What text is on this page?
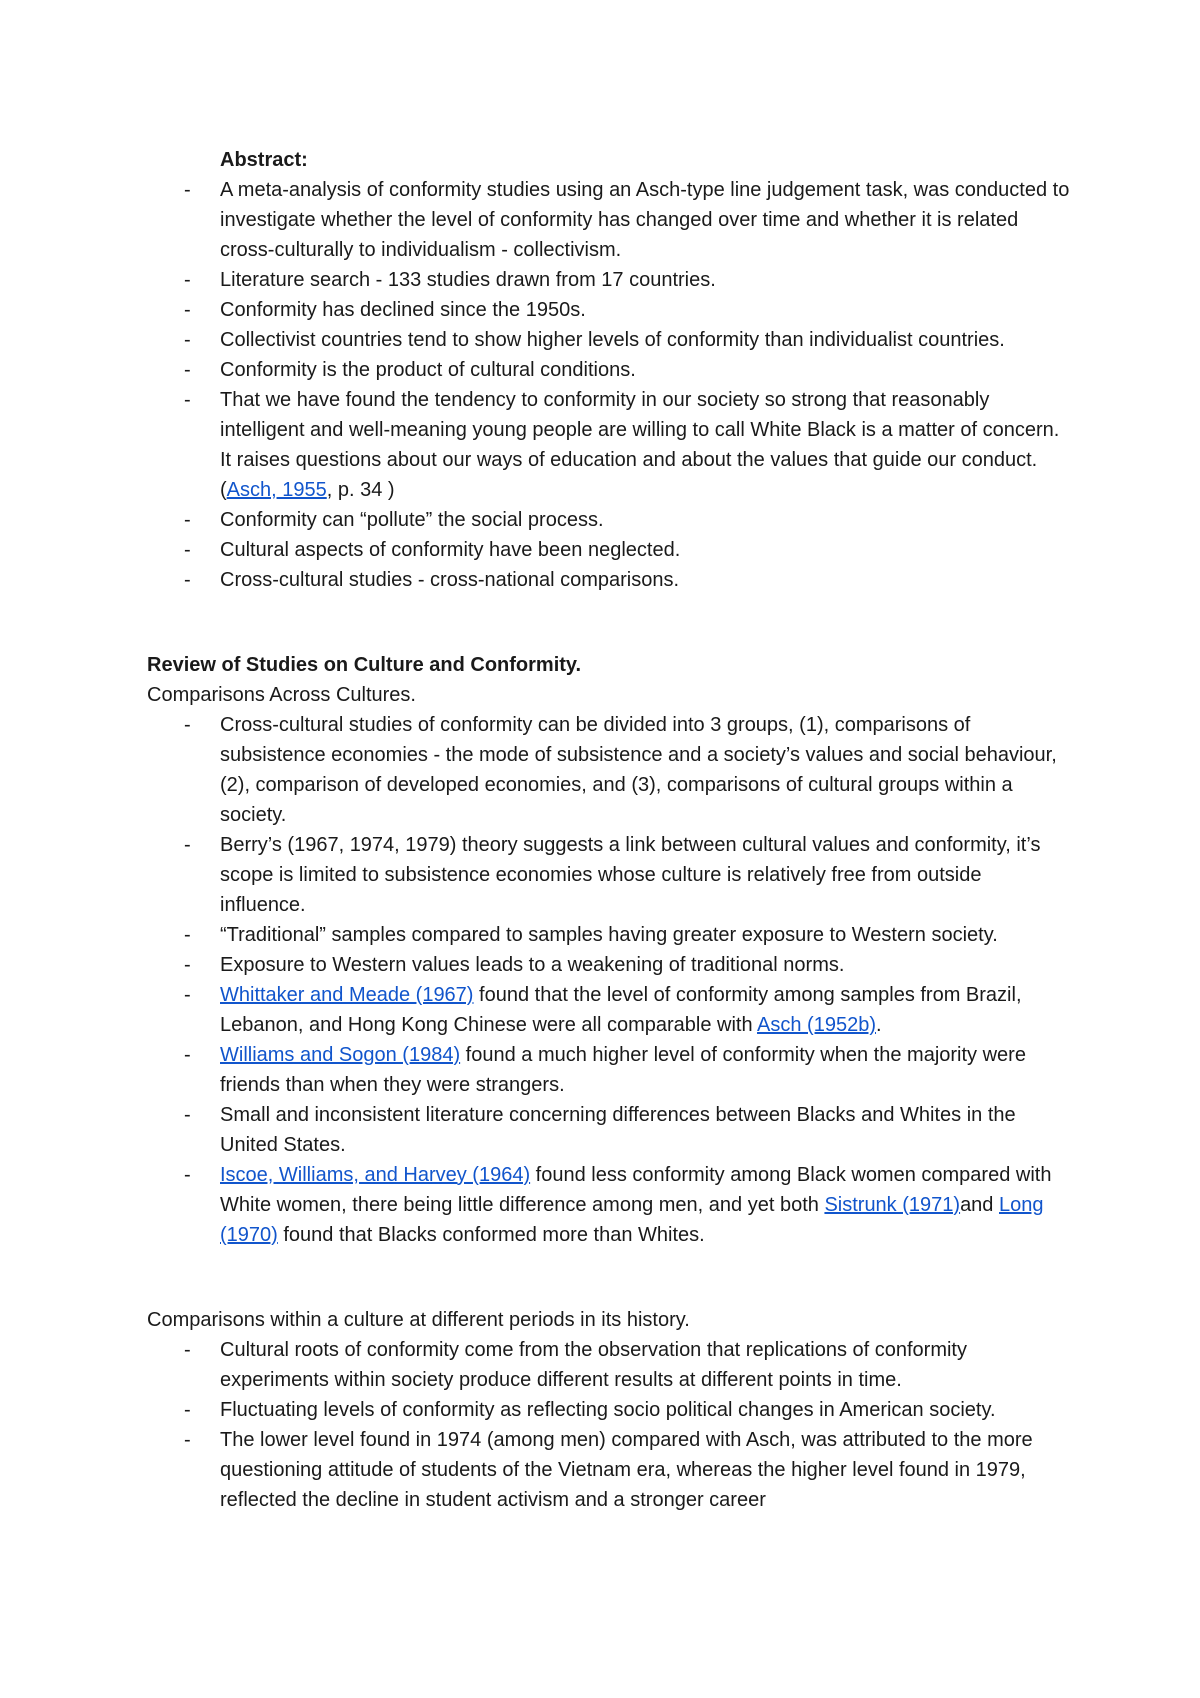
Abstract:
- A meta-analysis of conformity studies using an Asch-type line judgement task, was conducted to investigate whether the level of conformity has changed over time and whether it is related cross-culturally to individualism - collectivism.
- Literature search - 133 studies drawn from 17 countries.
- Conformity has declined since the 1950s.
- Collectivist countries tend to show higher levels of conformity than individualist countries.
- Conformity is the product of cultural conditions.
- That we have found the tendency to conformity in our society so strong that reasonably intelligent and well-meaning young people are willing to call White Black is a matter of concern. It raises questions about our ways of education and about the values that guide our conduct. (Asch, 1955, p. 34 )
- Conformity can “pollute” the social process.
- Cultural aspects of conformity have been neglected.
- Cross-cultural studies - cross-national comparisons.
Review of Studies on Culture and Conformity.

Comparisons Across Cultures.

- Cross-cultural studies of conformity can be divided into 3 groups, (1), comparisons of subsistence economies - the mode of subsistence and a society’s values and social behaviour, (2), comparison of developed economies, and (3), comparisons of cultural groups within a society.
- Berry’s (1967, 1974, 1979) theory suggests a link between cultural values and conformity, it’s scope is limited to subsistence economies whose culture is relatively free from outside influence.
- “Traditional” samples compared to samples having greater exposure to Western society.
- Exposure to Western values leads to a weakening of traditional norms.
- Whittaker and Meade (1967) found that the level of conformity among samples from Brazil, Lebanon, and Hong Kong Chinese were all comparable with Asch (1952b).
- Williams and Sogon (1984) found a much higher level of conformity when the majority were friends than when they were strangers.
- Small and inconsistent literature concerning differences between Blacks and Whites in the United States.
- Iscoe, Williams, and Harvey (1964) found less conformity among Black women compared with White women, there being little difference among men, and yet both Sistrunk (1971)and Long (1970) found that Blacks conformed more than Whites.

Comparisons within a culture at different periods in its history.

- Cultural roots of conformity come from the observation that replications of conformity experiments within society produce different results at different points in time.
- Fluctuating levels of conformity as reflecting socio political changes in American society.
- The lower level found in 1974 (among men) compared with Asch, was attributed to the more questioning attitude of students of the Vietnam era, whereas the higher level found in 1979, reflected the decline in student activism and a stronger career
